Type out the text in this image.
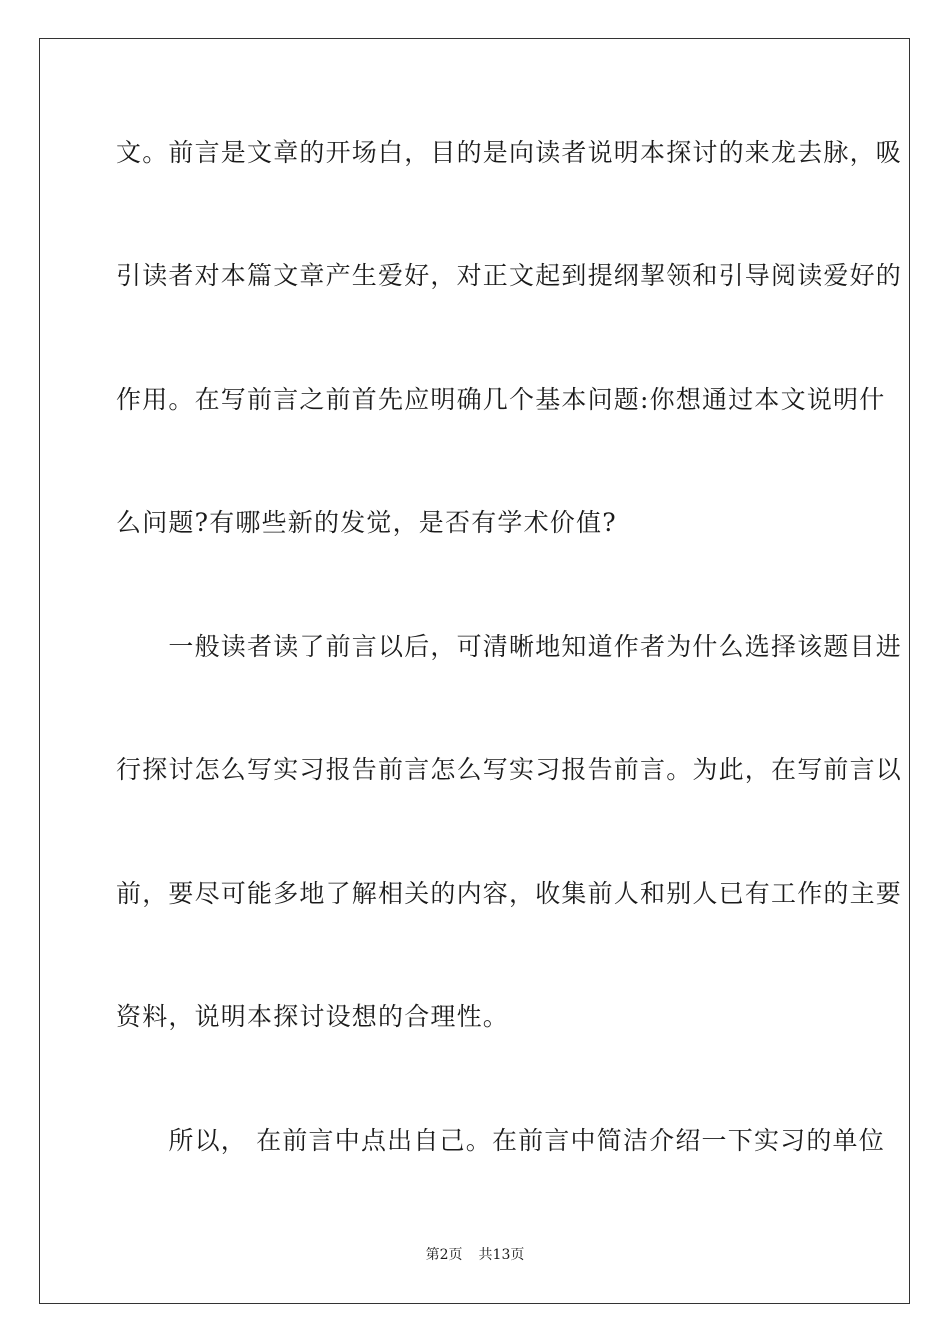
文。前言是文章的开场白，目的是向读者说明本探讨的来龙去脉，吸
引读者对本篇文章产生爱好，对正文起到提纲挈领和引导阅读爱好的
作用。在写前言之前首先应明确几个基本问题:你想通过本文说明什
么问题?有哪些新的发觉，是否有学术价值?
　　一般读者读了前言以后，可清晰地知道作者为什么选择该题目进
行探讨怎么写实习报告前言怎么写实习报告前言。为此，在写前言以
前，要尽可能多地了解相关的内容，收集前人和别人已有工作的主要
资料，说明本探讨设想的合理性。
　　所以， 在前言中点出自己。在前言中简洁介绍一下实习的单位
第2页 共13页
